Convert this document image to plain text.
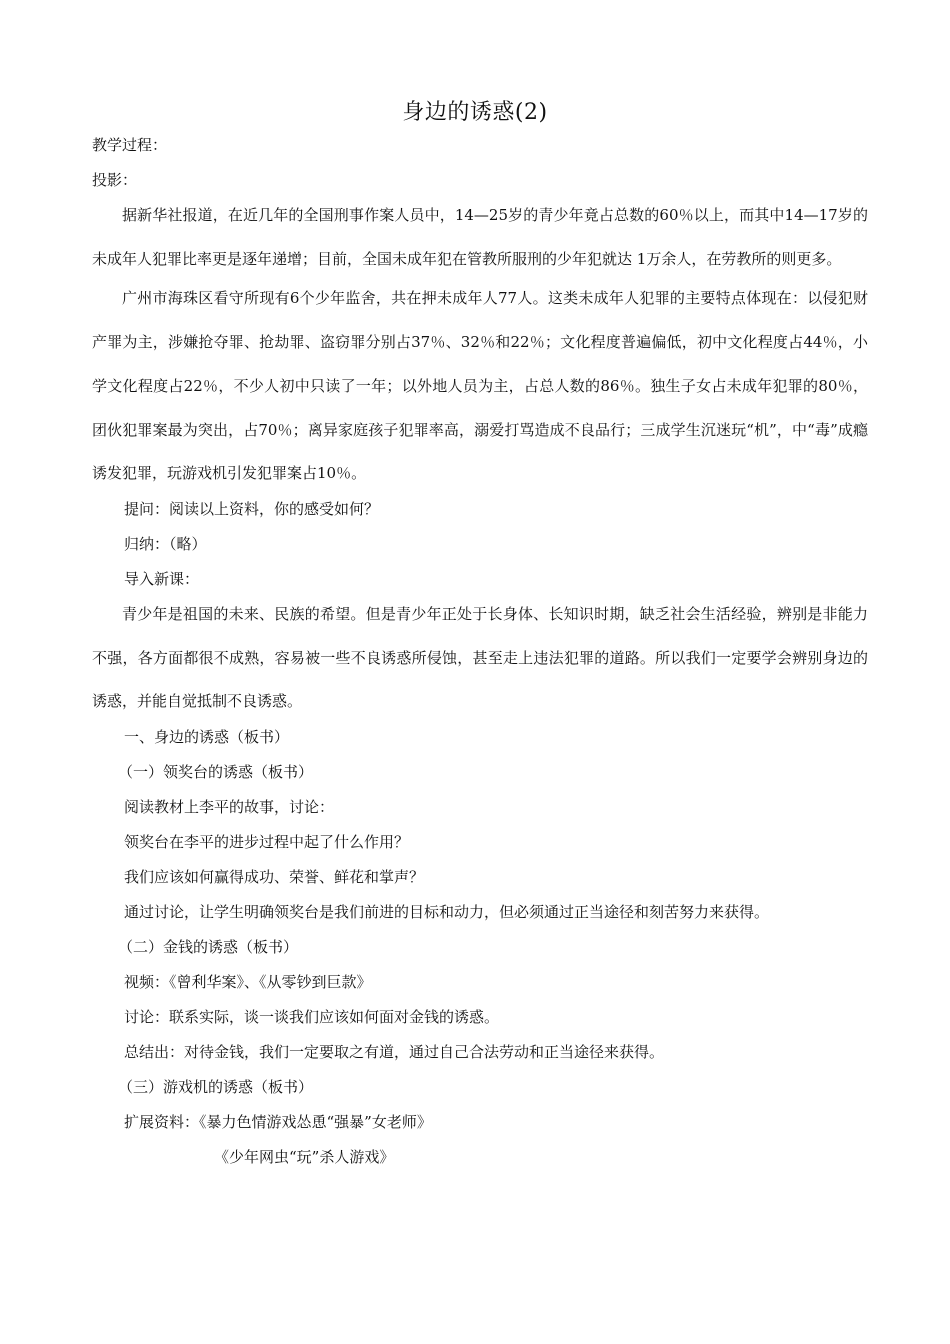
身边的诱惑(2)

教学过程：

投影：

据新华社报道，在近几年的全国刑事作案人员中，14—25岁的青少年竟占总数的60％以上，而其中14—17岁的未成年人犯罪比率更是逐年递增；目前，全国未成年犯在管教所服刑的少年犯就达 1万余人，在劳教所的则更多。

广州市海珠区看守所现有6个少年监舍，共在押未成年人77人。这类未成年人犯罪的主要特点体现在：以侵犯财产罪为主，涉嫌抢夺罪、抢劫罪、盗窃罪分别占37％、32％和22％；文化程度普遍偏低，初中文化程度占44％，小学文化程度占22％，不少人初中只读了一年；以外地人员为主，占总人数的86％。独生子女占未成年犯罪的80％，团伙犯罪案最为突出，占70％；离异家庭孩子犯罪率高，溺爱打骂造成不良品行；三成学生沉迷玩“机”，中“毒”成瘾诱发犯罪，玩游戏机引发犯罪案占10％。

提问：阅读以上资料，你的感受如何？

归纳：（略）

导入新课：

青少年是祖国的未来、民族的希望。但是青少年正处于长身体、长知识时期，缺乏社会生活经验，辨别是非能力不强，各方面都很不成熟，容易被一些不良诱惑所侵蚀，甚至走上违法犯罪的道路。所以我们一定要学会辨别身边的诱惑，并能自觉抵制不良诱惑。

一、身边的诱惑（板书）

（一）领奖台的诱惑（板书）

阅读教材上李平的故事，讨论：

领奖台在李平的进步过程中起了什么作用？

我们应该如何赢得成功、荣誉、鲜花和掌声？

通过讨论，让学生明确领奖台是我们前进的目标和动力，但必须通过正当途径和刻苦努力来获得。

（二）金钱的诱惑（板书）

视频：《曾利华案》、《从零钞到巨款》

讨论：联系实际，谈一谈我们应该如何面对金钱的诱惑。

总结出：对待金钱，我们一定要取之有道，通过自己合法劳动和正当途径来获得。

（三）游戏机的诱惑（板书）

扩展资料：《暴力色情游戏怂恿“强暴”女老师》

《少年网虫“玩”杀人游戏》
